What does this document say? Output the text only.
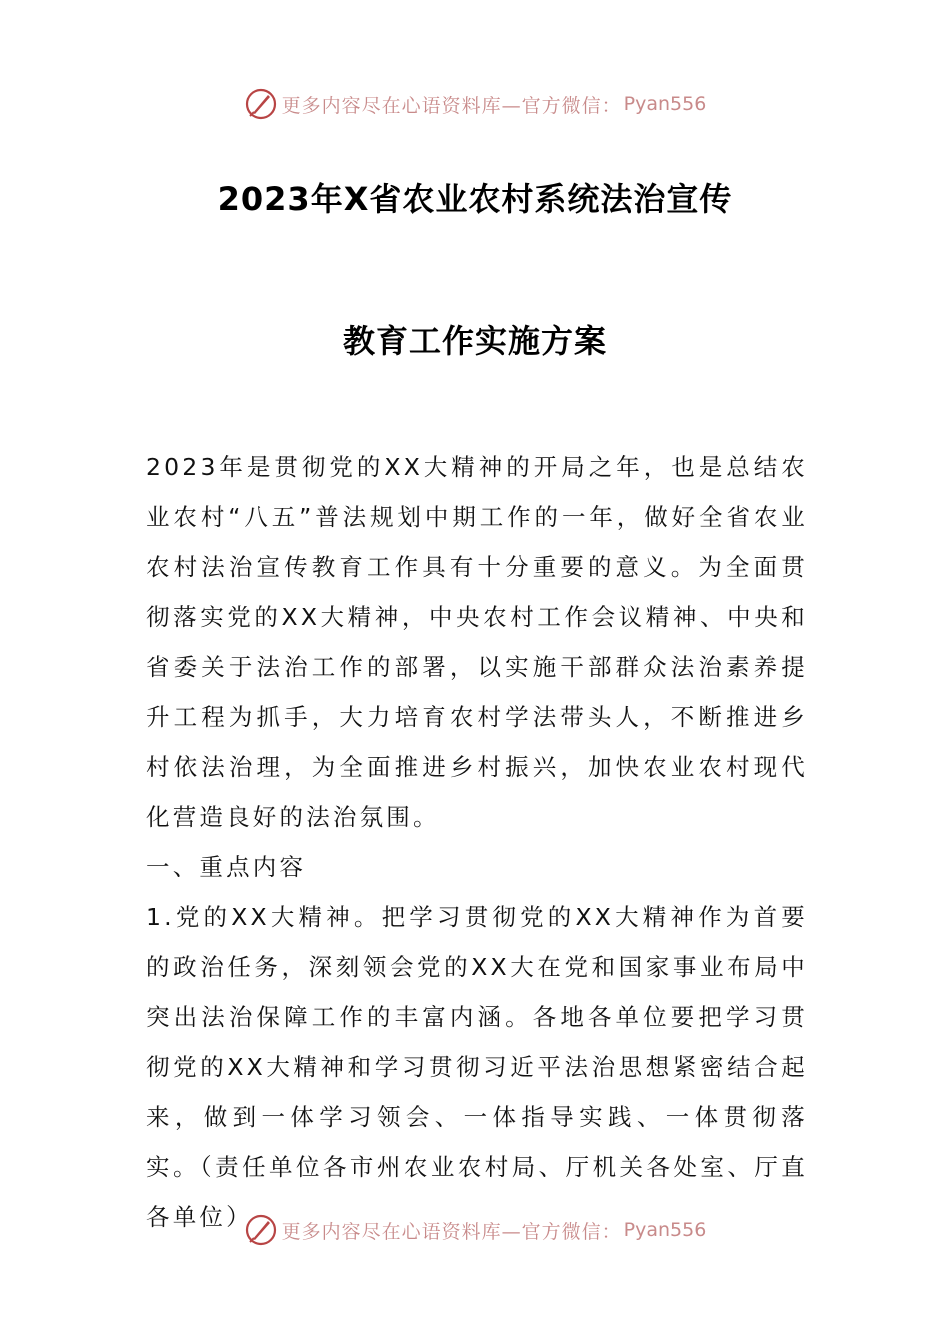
更多内容尽在心语资料库—官方微信： Pyan556
2023年X省农业农村系统法治宣传
教育工作实施方案

2023年是贯彻党的XX大精神的开局之年，也是总结农业农村“八五”普法规划中期工作的一年，做好全省农业农村法治宣传教育工作具有十分重要的意义。为全面贯彻落实党的XX大精神，中央农村工作会议精神、中央和省委关于法治工作的部署，以实施干部群众法治素养提升工程为抓手，大力培育农村学法带头人，不断推进乡村依法治理，为全面推进乡村振兴，加快农业农村现代化营造良好的法治氛围。

一、重点内容

1.党的XX大精神。把学习贯彻党的XX大精神作为首要的政治任务，深刻领会党的XX大在党和国家事业布局中突出法治保障工作的丰富内涵。各地各单位要把学习贯彻党的XX大精神和学习贯彻习近平法治思想紧密结合起来，做到一体学习领会、一体指导实践、一体贯彻落实。（责任单位各市州农业农村局、厅机关各处室、厅直各单位）

更多内容尽在心语资料库—官方微信： Pyan556
